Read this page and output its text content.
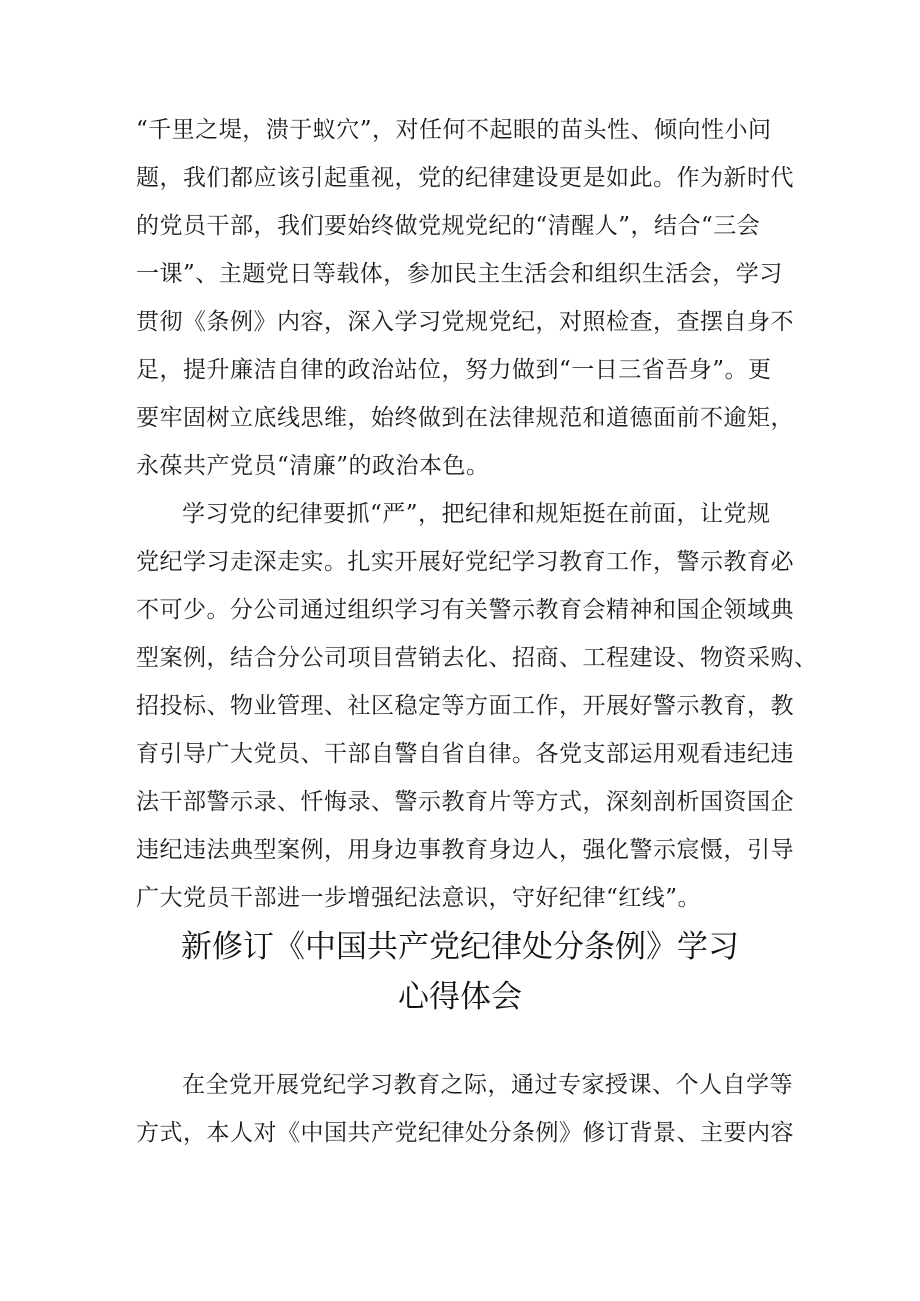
“千里之堤，溃于蚁穴”，对任何不起眼的苗头性、倾向性小问
题，我们都应该引起重视，党的纪律建设更是如此。作为新时代
的党员干部，我们要始终做党规党纪的“清醒人”，结合“三会
一课”、主题党日等载体，参加民主生活会和组织生活会，学习
贯彻《条例》内容，深入学习党规党纪，对照检查，查摆自身不
足，提升廉洁自律的政治站位，努力做到“一日三省吾身”。更
要牢固树立底线思维，始终做到在法律规范和道德面前不逾矩，
永葆共产党员“清廉”的政治本色。
学习党的纪律要抓“严”，把纪律和规矩挺在前面，让党规
党纪学习走深走实。扎实开展好党纪学习教育工作，警示教育必
不可少。分公司通过组织学习有关警示教育会精神和国企领域典
型案例，结合分公司项目营销去化、招商、工程建设、物资采购、
招投标、物业管理、社区稳定等方面工作，开展好警示教育，教
育引导广大党员、干部自警自省自律。各党支部运用观看违纪违
法干部警示录、忏悔录、警示教育片等方式，深刻剖析国资国企
违纪违法典型案例，用身边事教育身边人，强化警示宸慑，引导
广大党员干部进一步增强纪法意识，守好纪律“红线”。
新修订《中国共产党纪律处分条例》学习
心得体会
在全党开展党纪学习教育之际，通过专家授课、个人自学等
方式，本人对《中国共产党纪律处分条例》修订背景、主要内容
